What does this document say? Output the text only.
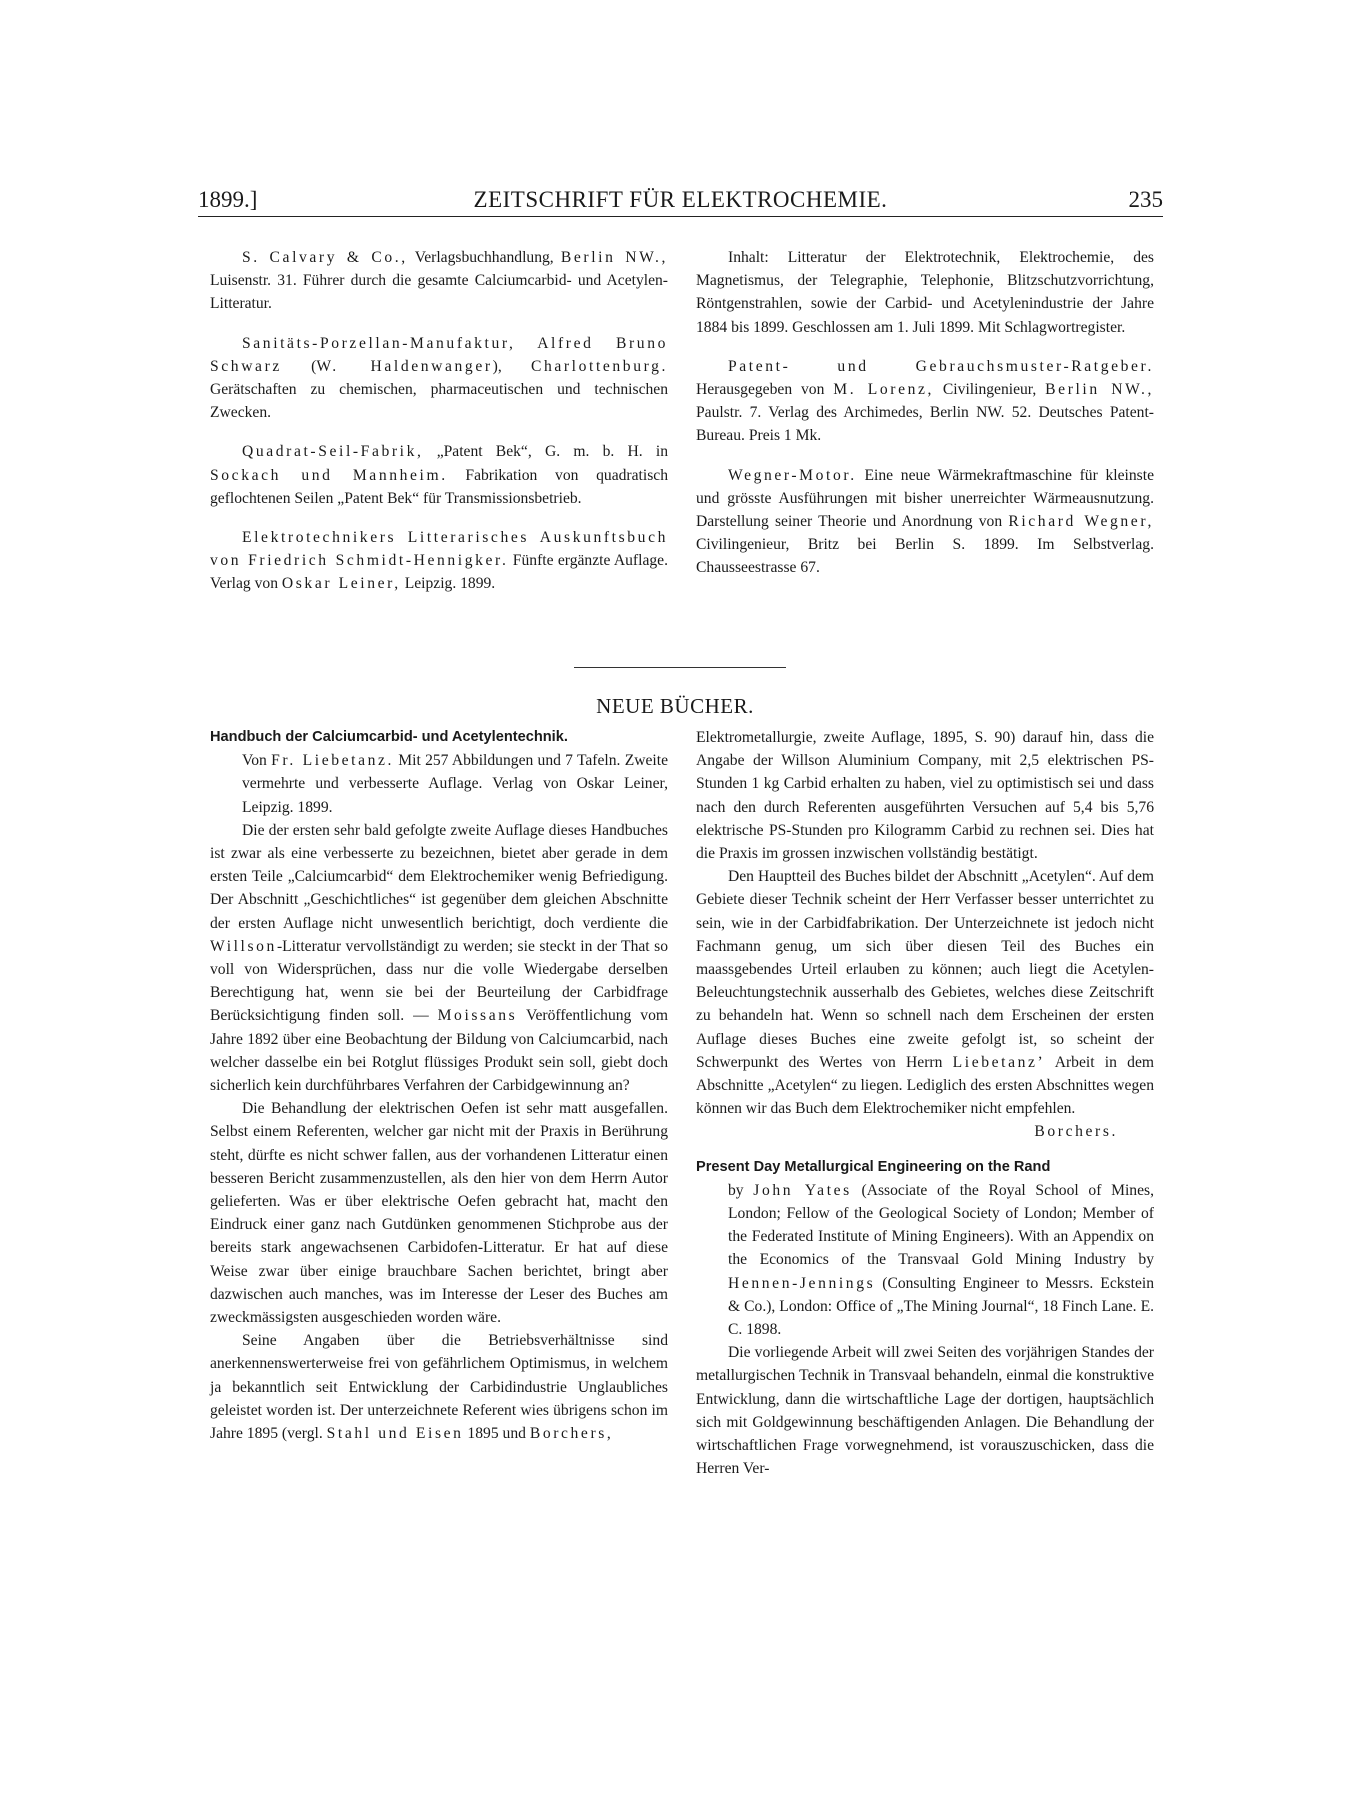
1899.]	ZEITSCHRIFT FÜR ELEKTROCHEMIE.	235

S. Calvary & Co., Verlagsbuchhandlung, Berlin NW., Luisenstr. 31. Führer durch die gesamte Calciumcarbid- und Acetylen-Litteratur.

Sanitäts-Porzellan-Manufaktur, Alfred Bruno Schwarz (W. Haldenwanger), Charlottenburg. Gerätschaften zu chemischen, pharmaceutischen und technischen Zwecken.

Quadrat-Seil-Fabrik, „Patent Bek“, G. m. b. H. in Sockach und Mannheim. Fabrikation von quadratisch geflochtenen Seilen „Patent Bek“ für Transmissionsbetrieb.

Elektrotechnikers Litterarisches Auskunftsbuch von Friedrich Schmidt-Hennigker. Fünfte ergänzte Auflage. Verlag von Oskar Leiner, Leipzig. 1899.

Inhalt: Litteratur der Elektrotechnik, Elektrochemie, des Magnetismus, der Telegraphie, Telephonie, Blitzschutzvorrichtung, Röntgenstrahlen, sowie der Carbid- und Acetylenindustrie der Jahre 1884 bis 1899. Geschlossen am 1. Juli 1899. Mit Schlagwortregister.

Patent- und Gebrauchsmuster-Ratgeber. Herausgegeben von M. Lorenz, Civilingenieur, Berlin NW., Paulstr. 7. Verlag des Archimedes, Berlin NW. 52. Deutsches Patent-Bureau. Preis 1 Mk.

Wegner-Motor. Eine neue Wärmekraftmaschine für kleinste und grösste Ausführungen mit bisher unerreichter Wärmeausnutzung. Darstellung seiner Theorie und Anordnung von Richard Wegner, Civilingenieur, Britz bei Berlin S. 1899. Im Selbstverlag. Chausseestrasse 67.

NEUE BÜCHER.

Handbuch der Calciumcarbid- und Acetylentechnik.

Von Fr. Liebetanz. Mit 257 Abbildungen und 7 Tafeln. Zweite vermehrte und verbesserte Auflage. Verlag von Oskar Leiner, Leipzig. 1899.

Die der ersten sehr bald gefolgte zweite Auflage dieses Handbuches ist zwar als eine verbesserte zu bezeichnen, bietet aber gerade in dem ersten Teile „Calciumcarbid“ dem Elektrochemiker wenig Befriedigung. Der Abschnitt „Geschichtliches“ ist gegenüber dem gleichen Abschnitte der ersten Auflage nicht unwesentlich berichtigt, doch verdiente die Willson-Litteratur vervollständigt zu werden; sie steckt in der That so voll von Widersprüchen, dass nur die volle Wiedergabe derselben Berechtigung hat, wenn sie bei der Beurteilung der Carbidfrage Berücksichtigung finden soll. — Moissans Veröffentlichung vom Jahre 1892 über eine Beobachtung der Bildung von Calciumcarbid, nach welcher dasselbe ein bei Rotglut flüssiges Produkt sein soll, giebt doch sicherlich kein durchführbares Verfahren der Carbidgewinnung an?

Die Behandlung der elektrischen Oefen ist sehr matt ausgefallen. Selbst einem Referenten, welcher gar nicht mit der Praxis in Berührung steht, dürfte es nicht schwer fallen, aus der vorhandenen Litteratur einen besseren Bericht zusammenzustellen, als den hier von dem Herrn Autor gelieferten. Was er über elektrische Oefen gebracht hat, macht den Eindruck einer ganz nach Gutdünken genommenen Stichprobe aus der bereits stark angewachsenen Carbidofen-Litteratur. Er hat auf diese Weise zwar über einige brauchbare Sachen berichtet, bringt aber dazwischen auch manches, was im Interesse der Leser des Buches am zweckmässigsten ausgeschieden worden wäre.

Seine Angaben über die Betriebsverhältnisse sind anerkennenswerterweise frei von gefährlichem Optimismus, in welchem ja bekanntlich seit Entwicklung der Carbidindustrie Unglaubliches geleistet worden ist. Der unterzeichnete Referent wies übrigens schon im Jahre 1895 (vergl. Stahl und Eisen 1895 und Borchers,

Elektrometallurgie, zweite Auflage, 1895, S. 90) darauf hin, dass die Angabe der Willson Aluminium Company, mit 2,5 elektrischen PS-Stunden 1 kg Carbid erhalten zu haben, viel zu optimistisch sei und dass nach den durch Referenten ausgeführten Versuchen auf 5,4 bis 5,76 elektrische PS-Stunden pro Kilogramm Carbid zu rechnen sei. Dies hat die Praxis im grossen inzwischen vollständig bestätigt.

Den Hauptteil des Buches bildet der Abschnitt „Acetylen“. Auf dem Gebiete dieser Technik scheint der Herr Verfasser besser unterrichtet zu sein, wie in der Carbidfabrikation. Der Unterzeichnete ist jedoch nicht Fachmann genug, um sich über diesen Teil des Buches ein maassgebendes Urteil erlauben zu können; auch liegt die Acetylen-Beleuchtungstechnik ausserhalb des Gebietes, welches diese Zeitschrift zu behandeln hat. Wenn so schnell nach dem Erscheinen der ersten Auflage dieses Buches eine zweite gefolgt ist, so scheint der Schwerpunkt des Wertes von Herrn Liebetanz’ Arbeit in dem Abschnitte „Acetylen“ zu liegen. Lediglich des ersten Abschnittes wegen können wir das Buch dem Elektrochemiker nicht empfehlen.

Borchers.

Present Day Metallurgical Engineering on the Rand

by John Yates (Associate of the Royal School of Mines, London; Fellow of the Geological Society of London; Member of the Federated Institute of Mining Engineers). With an Appendix on the Economics of the Transvaal Gold Mining Industry by Hennen-Jennings (Consulting Engineer to Messrs. Eckstein & Co.), London: Office of „The Mining Journal“, 18 Finch Lane. E. C. 1898.

Die vorliegende Arbeit will zwei Seiten des vorjährigen Standes der metallurgischen Technik in Transvaal behandeln, einmal die konstruktive Entwicklung, dann die wirtschaftliche Lage der dortigen, hauptsächlich sich mit Goldgewinnung beschäftigenden Anlagen. Die Behandlung der wirtschaftlichen Frage vorwegnehmend, ist vorauszuschicken, dass die Herren Ver-
